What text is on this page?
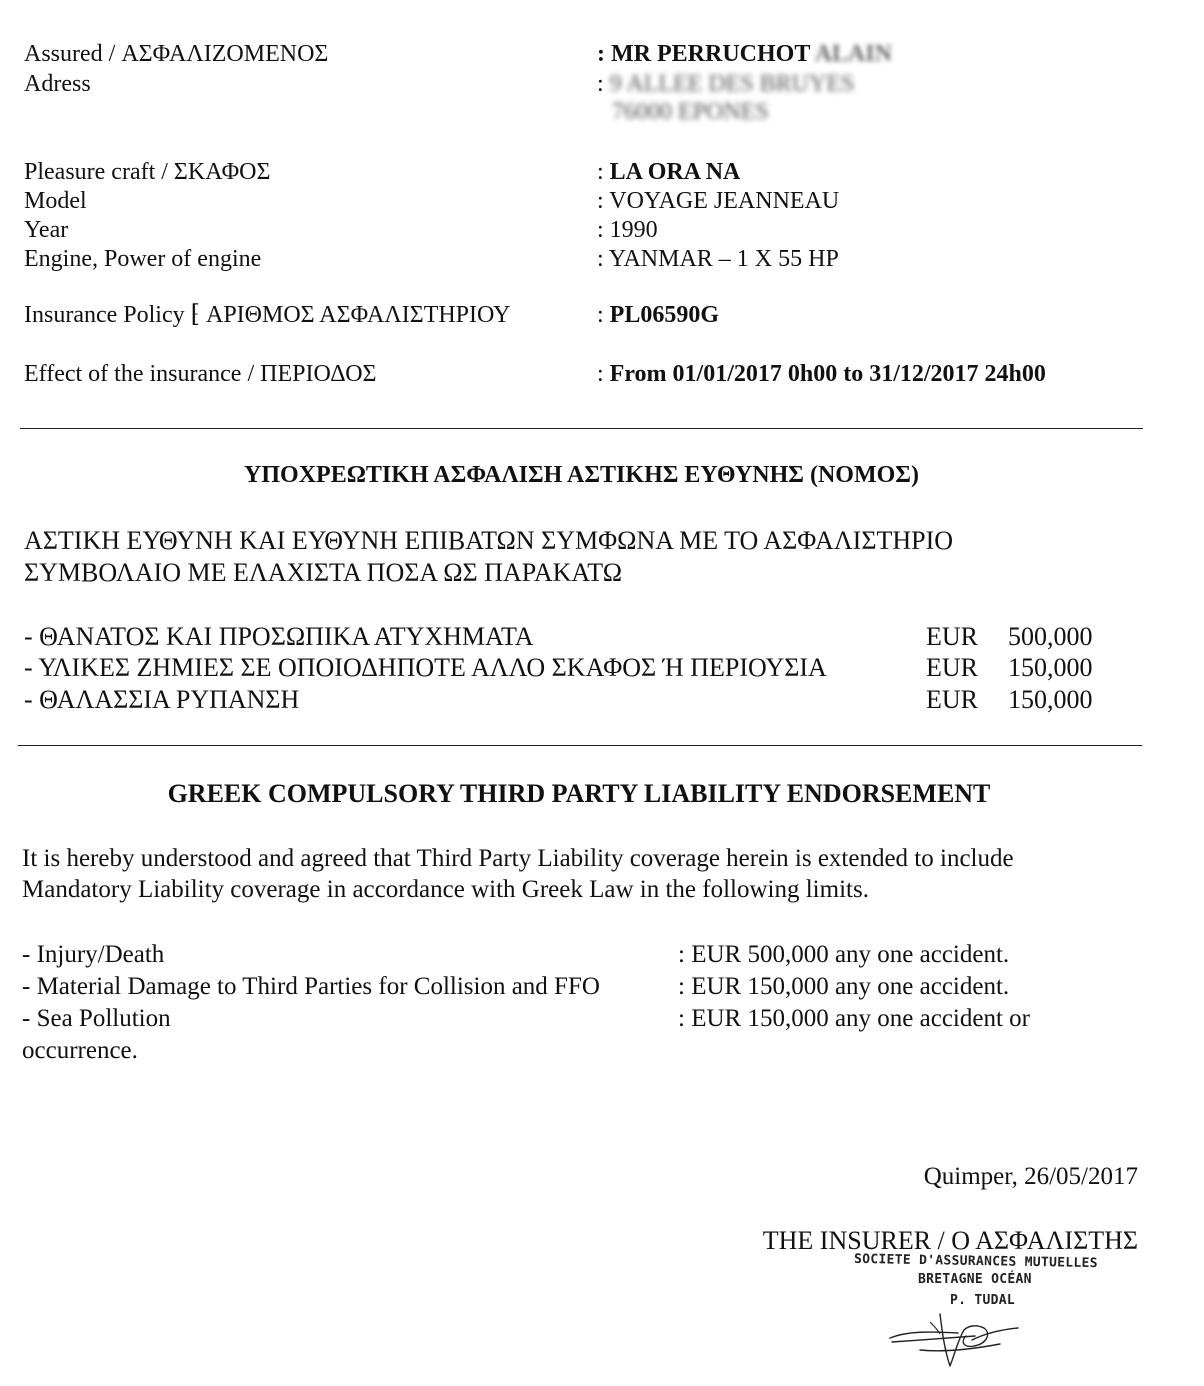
Assured / ΑΣΦΑΛΙΖΟΜΕΝΟΣ	: MR PERRUCHOT ALAIN
Adress	: 9 ALLEE DES BRUYES
76000 EPONES
Pleasure craft / ΣΚΑΦΟΣ	: LA ORA NA
Model	: VOYAGE JEANNEAU
Year	: 1990
Engine, Power of engine	: YANMAR – 1 X 55 HP
Insurance Policy ⁅ ΑΡΙΘΜΟΣ ΑΣΦΑΛΙΣΤΗΡΙΟΥ	: PL06590G
Effect of the insurance / ΠΕΡΙΟΔΟΣ	: From 01/01/2017 0h00 to 31/12/2017 24h00
ΥΠΟΧΡΕΩΤΙΚΗ ΑΣΦΑΛΙΣΗ ΑΣΤΙΚΗΣ ΕΥΘΥΝΗΣ (ΝΟΜΟΣ)
ΑΣΤΙΚΗ ΕΥΘΥΝΗ ΚΑΙ ΕΥΘΥΝΗ ΕΠΙΒΑΤΩΝ ΣΥΜΦΩΝΑ ΜΕ ΤΟ ΑΣΦΑΛΙΣΤΗΡΙΟ
ΣΥΜΒΟΛΑΙΟ ΜΕ ΕΛΑΧΙΣΤΑ ΠΟΣΑ ΩΣ ΠΑΡΑΚΑΤΩ
- ΘΑΝΑΤΟΣ ΚΑΙ ΠΡΟΣΩΠΙΚΑ ΑΤΥΧΗΜΑΤΑ	EUR 500,000
- ΥΛΙΚΕΣ ΖΗΜΙΕΣ ΣΕ ΟΠΟΙΟΔΗΠΟΤΕ ΑΛΛΟ ΣΚΑΦΟΣ Ή ΠΕΡΙΟΥΣΙΑ	EUR 150,000
- ΘΑΛΑΣΣΙΑ ΡΥΠΑΝΣΗ	EUR 150,000
GREEK COMPULSORY THIRD PARTY LIABILITY ENDORSEMENT
It is hereby understood and agreed that Third Party Liability coverage herein is extended to include
Mandatory Liability coverage in accordance with Greek Law in the following limits.
- Injury/Death	: EUR 500,000 any one accident.
- Material Damage to Third Parties for Collision and FFO	: EUR 150,000 any one accident.
- Sea Pollution	: EUR 150,000 any one accident or
occurrence.
Quimper, 26/05/2017
THE INSURER / Ο ΑΣΦΑΛΙΣΤΗΣ
SOCIETE D'ASSURANCES MUTUELLES
BRETAGNE OCÉAN
P. TUDAL
